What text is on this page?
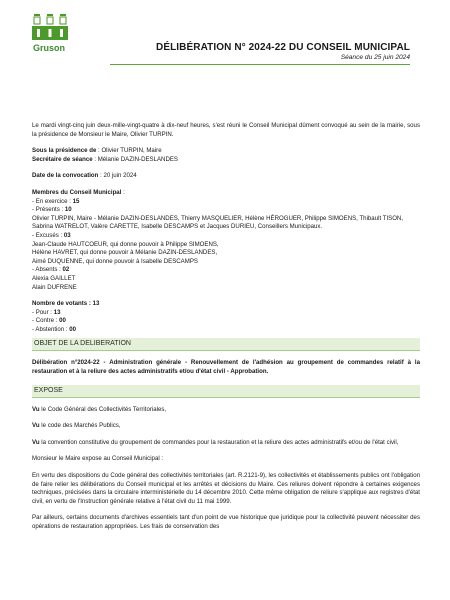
Gruson	DÉLIBÉRATION N° 2024-22 DU CONSEIL MUNICIPAL
Séance du 25 juin 2024

Le mardi vingt-cinq juin deux-mille-vingt-quatre à dix-neuf heures, s'est réuni le Conseil Municipal dûment convoqué au sein de la mairie, sous la présidence de Monsieur le Maire, Olivier TURPIN.

Sous la présidence de : Olivier TURPIN, Maire

Secrétaire de séance : Mélanie DAZIN-DESLANDES

Date de la convocation : 20 juin 2024

Membres du Conseil Municipal :

- En exercice : 15

- Présents : 10

Olivier TURPIN, Maire - Mélanie DAZIN-DESLANDES, Thierry MASQUELIER, Hélène HÉROGUER, Philippe SIMOENS, Thibault TISON, Sabrina WATRELOT, Valère CARETTE, Isabelle DESCAMPS et Jacques DURIEU, Conseillers Municipaux.

- Excusés : 03

Jean-Claude HAUTCOEUR, qui donne pouvoir à Philippe SIMOENS,

Hélène HAVRET, qui donne pouvoir à Mélanie DAZIN-DESLANDES,

Aimé DUQUENNE, qui donne pouvoir à Isabelle DESCAMPS

- Absents : 02

Alexia GAILLET

Alain DUFRENE

Nombre de votants : 13

- Pour : 13

- Contre : 00

- Abstention : 00

OBJET DE LA DELIBERATION

Délibération n°2024-22 - Administration générale - Renouvellement de l'adhésion au groupement de commandes relatif à la restauration et à la reliure des actes administratifs et/ou d'état civil - Approbation.

EXPOSE

Vu le Code Général des Collectivités Territoriales,

Vu le code des Marchés Publics,

Vu la convention constitutive du groupement de commandes pour la restauration et la reliure des actes administratifs et/ou de l'état civil,

Monsieur le Maire expose au Conseil Municipal :

En vertu des dispositions du Code général des collectivités territoriales (art. R.2121-9), les collectivités et établissements publics ont l'obligation de faire relier les délibérations du Conseil municipal et les arrêtés et décisions du Maire. Ces reliures doivent répondre à certaines exigences techniques, précisées dans la circulaire interministérielle du 14 décembre 2010. Cette même obligation de reliure s'applique aux registres d'état civil, en vertu de l'Instruction générale relative à l'état civil du 11 mai 1999.

Par ailleurs, certains documents d'archives essentiels tant d'un point de vue historique que juridique pour la collectivité peuvent nécessiter des opérations de restauration appropriées. Les frais de conservation des
